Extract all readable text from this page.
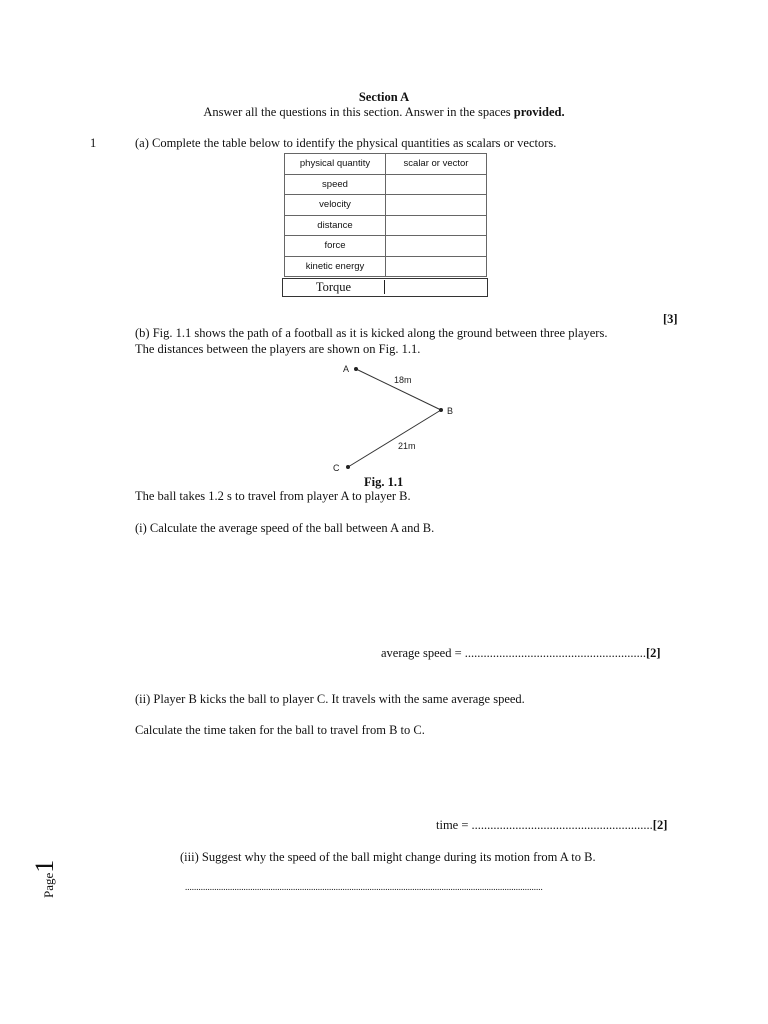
Section A
Answer all the questions in this section. Answer in the spaces provided.
1	(a) Complete the table below to identify the physical quantities as scalars or vectors.
physical quantity	scalar or vector
speed	
velocity	
distance	
force	
kinetic energy	
Torque
[3]
(b) Fig. 1.1 shows the path of a football as it is kicked along the ground between three players.
The distances between the players are shown on Fig. 1.1.
A
B
C
18m
21m
Fig. 1.1
The ball takes 1.2 s to travel from player A to player B.
(i) Calculate the average speed of the ball between A and B.
average speed = ..........................................................[2]
(ii) Player B kicks the ball to player C. It travels with the same average speed.
Calculate the time taken for the ball to travel from B to C.
time = ..........................................................[2]
(iii) Suggest why the speed of the ball might change during its motion from A to B.
...............................................................................................................................................................
Page1
